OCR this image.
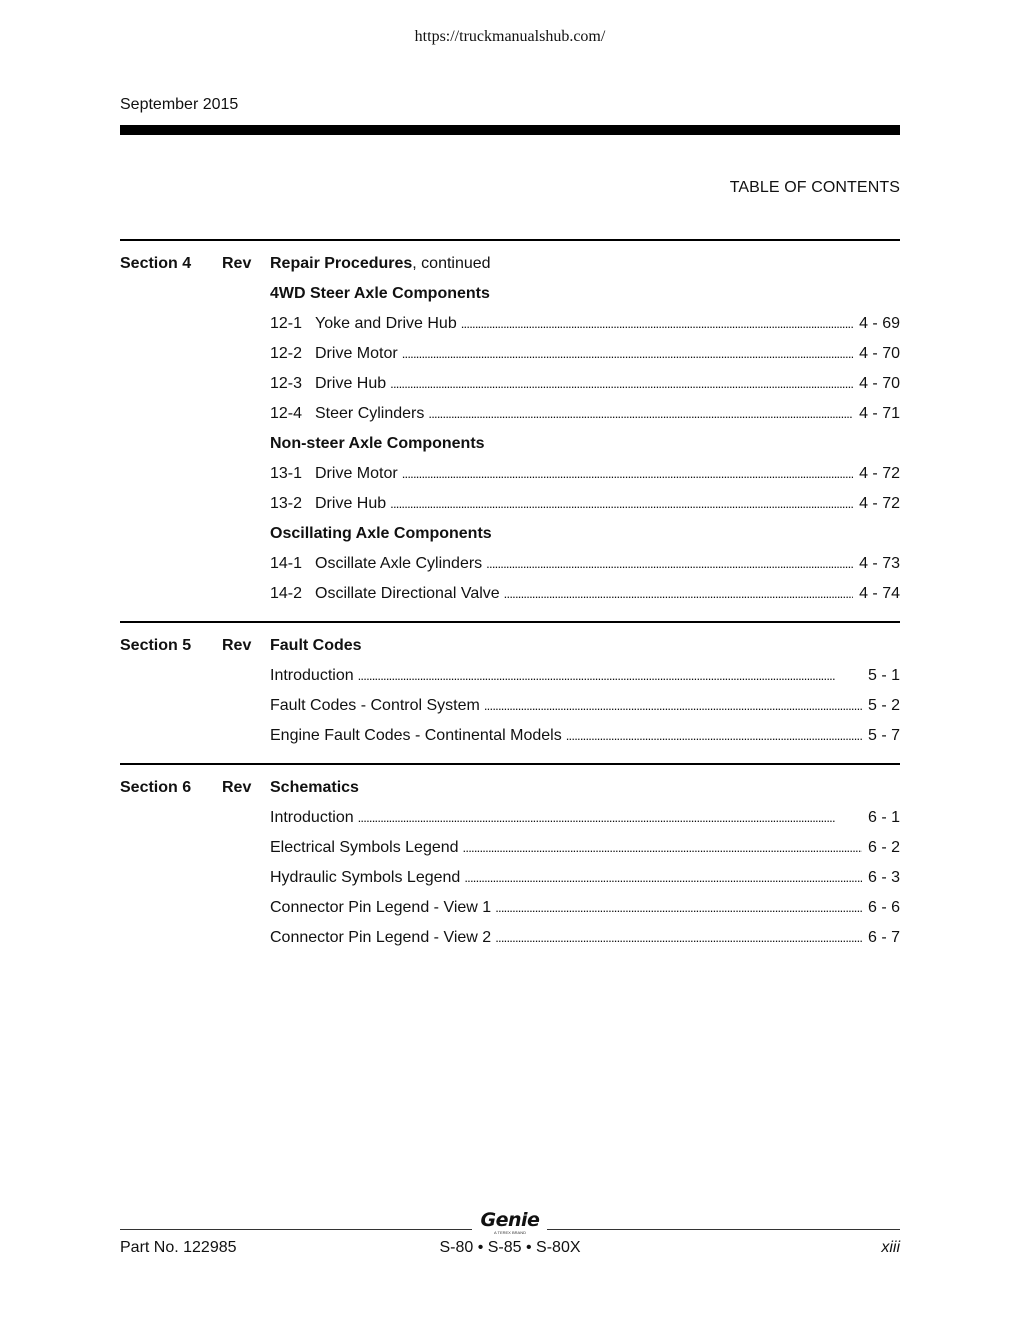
https://truckmanualshub.com/
September 2015
TABLE OF CONTENTS
Section 4 Rev Repair Procedures, continued
4WD Steer Axle Components
12-1 Yoke and Drive Hub . . .	4 - 69
12-2 Drive Motor . . .	4 - 70
12-3 Drive Hub . . .	4 - 70
12-4 Steer Cylinders . . .	4 - 71
Non-steer Axle Components
13-1 Drive Motor . . .	4 - 72
13-2 Drive Hub . . .	4 - 72
Oscillating Axle Components
14-1 Oscillate Axle Cylinders . . .	4 - 73
14-2 Oscillate Directional Valve . . .	4 - 74
Section 5 Rev Fault Codes
Introduction . . .	5 - 1
Fault Codes - Control System . . .	5 - 2
Engine Fault Codes - Continental Models . . .	5 - 7
Section 6 Rev Schematics
Introduction . . .	6 - 1
Electrical Symbols Legend . . .	6 - 2
Hydraulic Symbols Legend . . .	6 - 3
Connector Pin Legend - View 1 . . .	6 - 6
Connector Pin Legend - View 2 . . .	6 - 7
Genie
A TEREX BRAND
Part No. 122985	S-80 • S-85 • S-80X	xiii
